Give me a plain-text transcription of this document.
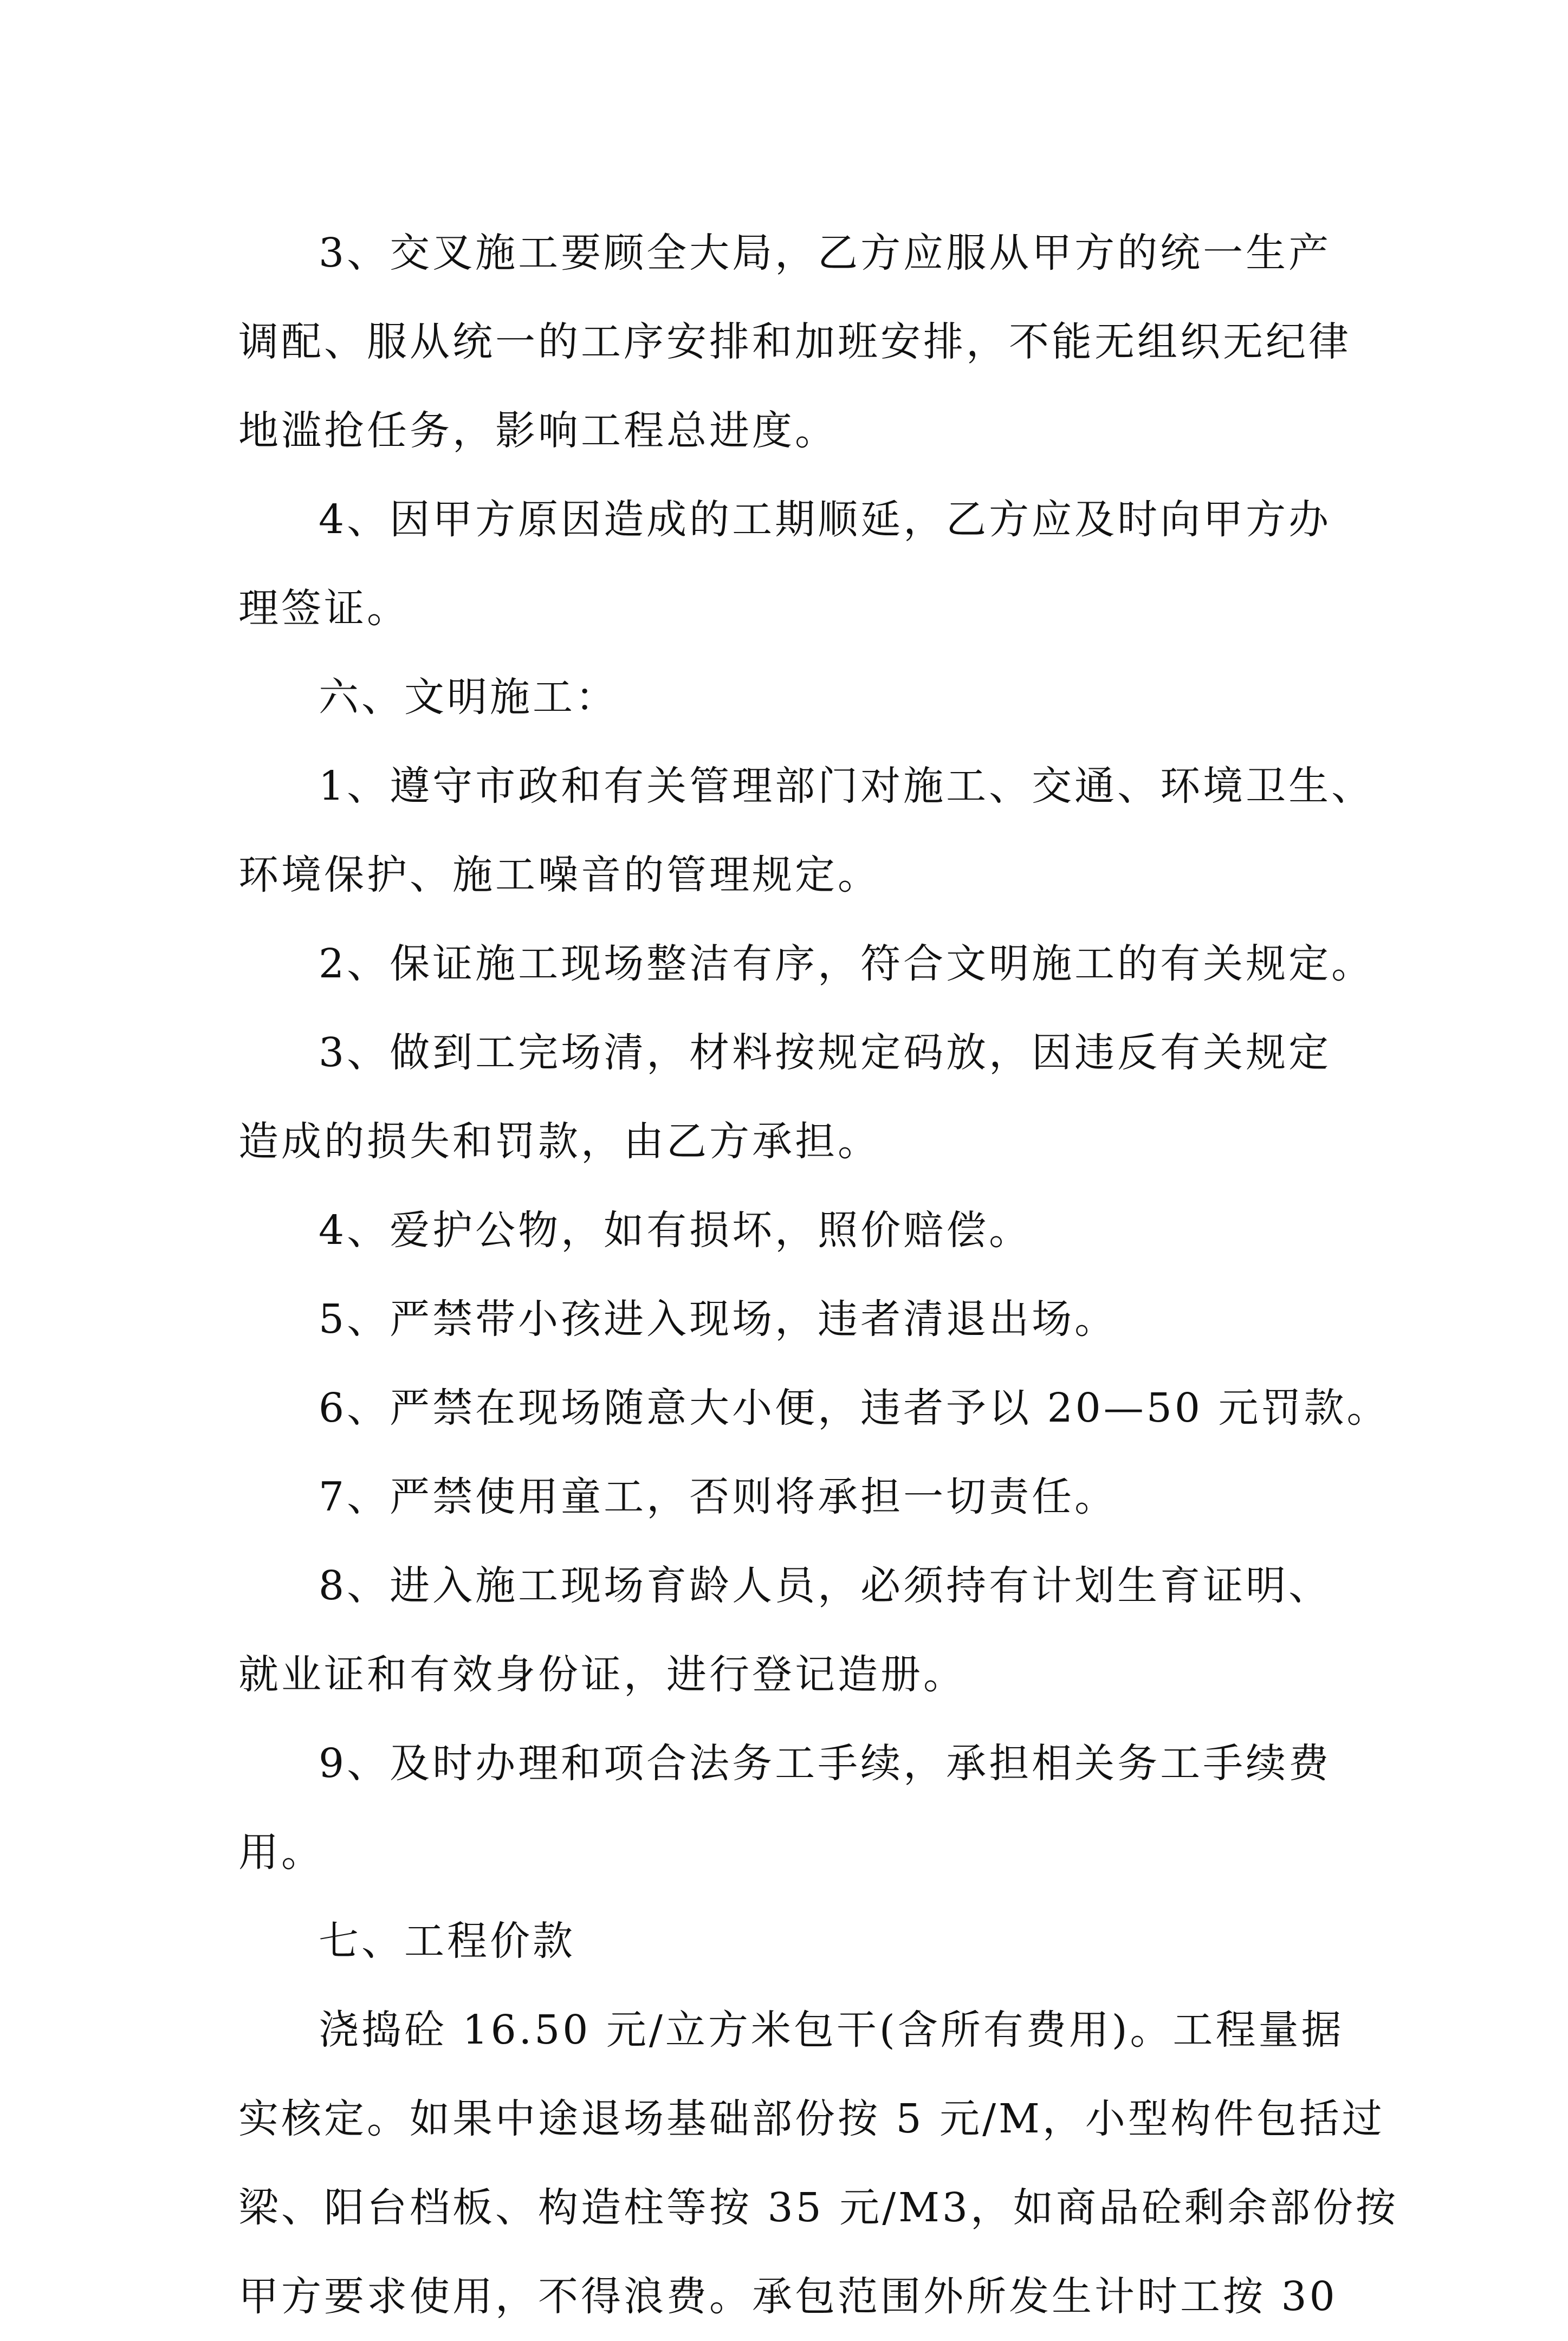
3、交叉施工要顾全大局，乙方应服从甲方的统一生产
调配、服从统一的工序安排和加班安排，不能无组织无纪律
地滥抢任务，影响工程总进度。

4、因甲方原因造成的工期顺延，乙方应及时向甲方办
理签证。

六、文明施工：

1、遵守市政和有关管理部门对施工、交通、环境卫生、
环境保护、施工噪音的管理规定。

2、保证施工现场整洁有序，符合文明施工的有关规定。

3、做到工完场清，材料按规定码放，因违反有关规定
造成的损失和罚款，由乙方承担。

4、爱护公物，如有损坏，照价赔偿。

5、严禁带小孩进入现场，违者清退出场。

6、严禁在现场随意大小便，违者予以 20—50 元罚款。

7、严禁使用童工，否则将承担一切责任。

8、进入施工现场育龄人员，必须持有计划生育证明、
就业证和有效身份证，进行登记造册。

9、及时办理和项合法务工手续，承担相关务工手续费
用。

七、工程价款

浇捣砼 16.50 元/立方米包干(含所有费用)。工程量据
实核定。如果中途退场基础部份按 5 元/M，小型构件包括过
梁、阳台档板、构造柱等按 35 元/M3，如商品砼剩余部份按
甲方要求使用，不得浪费。承包范围外所发生计时工按 30
